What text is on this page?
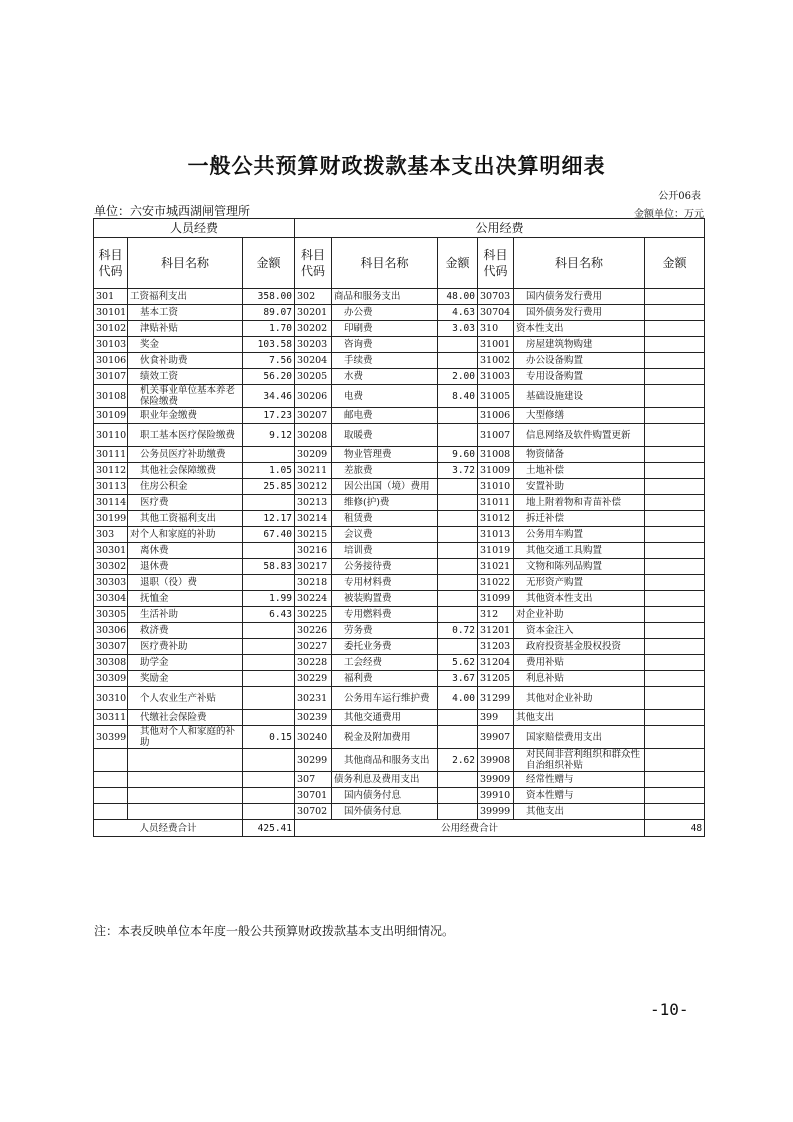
一般公共预算财政拨款基本支出决算明细表
公开06表
单位：六安市城西湖闸管理所	金额单位：万元
人员经费			公用经费					
科目代码	科目名称	金额	科目代码	科目名称	金额	科目代码	科目名称	金额
301	工资福利支出	358.00	302	商品和服务支出	48.00	30703	国内债务发行费用	
30101	基本工资	89.07	30201	办公费	4.63	30704	国外债务发行费用	
30102	津贴补贴	1.70	30202	印刷费	3.03	310	资本性支出	
30103	奖金	103.58	30203	咨询费		31001	房屋建筑物购建	
30106	伙食补助费	7.56	30204	手续费		31002	办公设备购置	
30107	绩效工资	56.20	30205	水费	2.00	31003	专用设备购置	
30108	机关事业单位基本养老保险缴费	34.46	30206	电费	8.40	31005	基础设施建设	
30109	职业年金缴费	17.23	30207	邮电费		31006	大型修缮	
30110	职工基本医疗保险缴费	9.12	30208	取暖费		31007	信息网络及软件购置更新	
30111	公务员医疗补助缴费		30209	物业管理费	9.60	31008	物资储备	
30112	其他社会保障缴费	1.05	30211	差旅费	3.72	31009	土地补偿	
30113	住房公积金	25.85	30212	因公出国（境）费用		31010	安置补助	
30114	医疗费		30213	维修(护)费		31011	地上附着物和青苗补偿	
30199	其他工资福利支出	12.17	30214	租赁费		31012	拆迁补偿	
303	对个人和家庭的补助	67.40	30215	会议费		31013	公务用车购置	
30301	离休费		30216	培训费		31019	其他交通工具购置	
30302	退休费	58.83	30217	公务接待费		31021	文物和陈列品购置	
30303	退职（役）费		30218	专用材料费		31022	无形资产购置	
30304	抚恤金	1.99	30224	被装购置费		31099	其他资本性支出	
30305	生活补助	6.43	30225	专用燃料费		312	对企业补助	
30306	救济费		30226	劳务费	0.72	31201	资本金注入	
30307	医疗费补助		30227	委托业务费		31203	政府投资基金股权投资	
30308	助学金		30228	工会经费	5.62	31204	费用补贴	
30309	奖励金		30229	福利费	3.67	31205	利息补贴	
30310	个人农业生产补贴		30231	公务用车运行维护费	4.00	31299	其他对企业补助	
30311	代缴社会保险费		30239	其他交通费用		399	其他支出	
30399	其他对个人和家庭的补助	0.15	30240	税金及附加费用		39907	国家赔偿费用支出	
			30299	其他商品和服务支出	2.62	39908	对民间非营利组织和群众性自治组织补贴	
			307	债务利息及费用支出		39909	经常性赠与	
			30701	国内债务付息		39910	资本性赠与	
			30702	国外债务付息		39999	其他支出	
人员经费合计		425.41	公用经费合计					48
注：本表反映单位本年度一般公共预算财政拨款基本支出明细情况。
-10-
